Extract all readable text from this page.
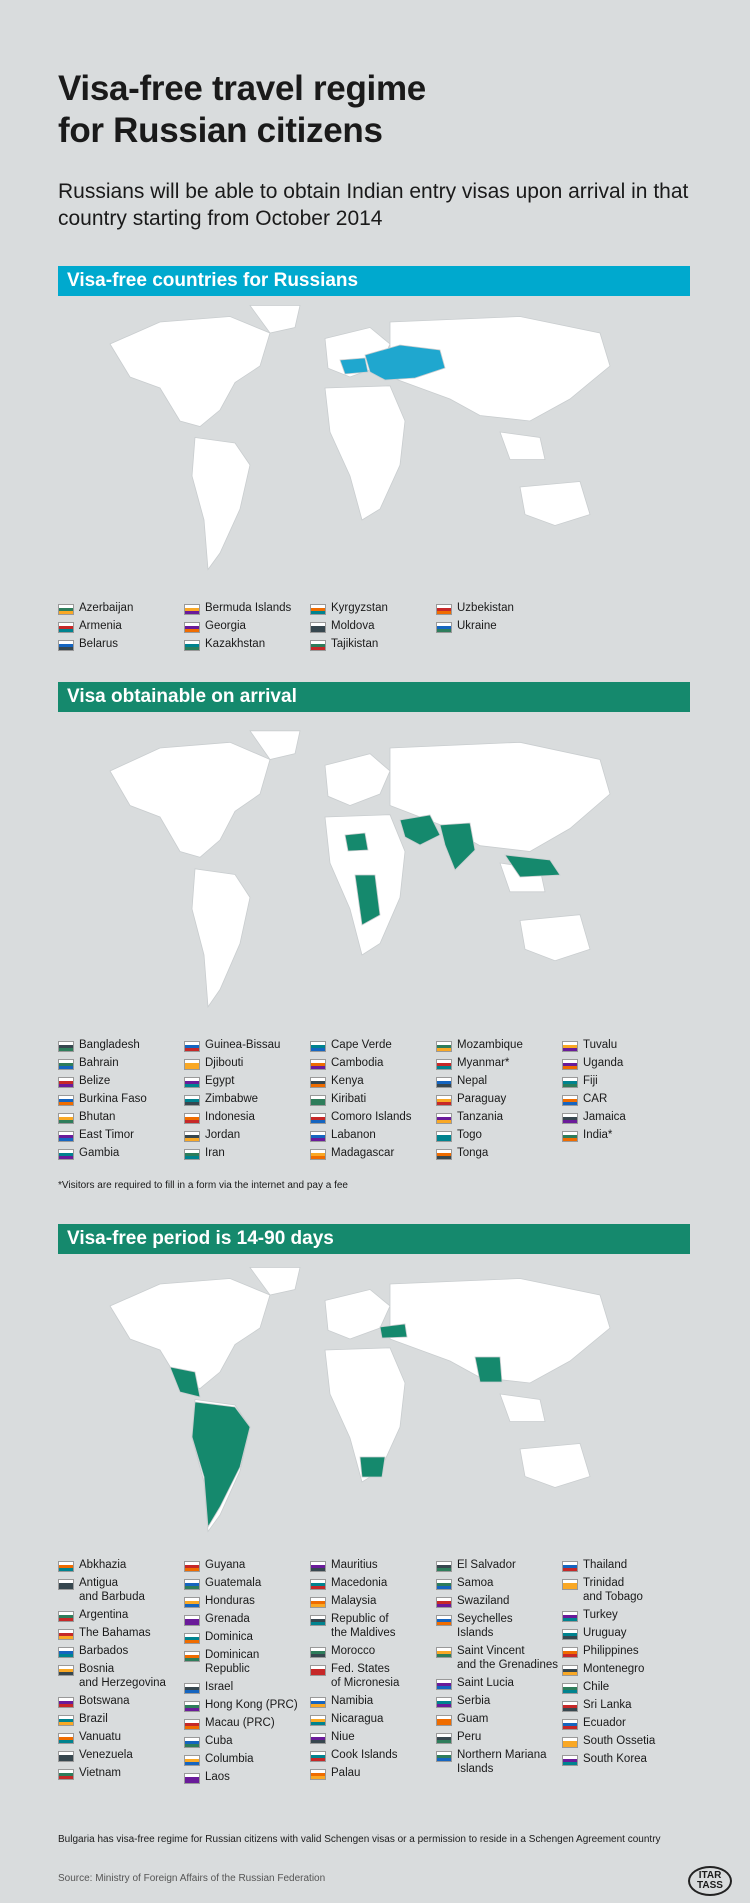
Visa-free travel regime
for Russian citizens
Russians will be able to obtain Indian entry visas upon arrival in that country starting from October 2014
Visa-free countries for Russians
Azerbaijan
Armenia
Belarus
Bermuda Islands
Georgia
Kazakhstan
Kyrgyzstan
Moldova
Tajikistan
Uzbekistan
Ukraine
Visa obtainable on arrival
Bangladesh
Bahrain
Belize
Burkina Faso
Bhutan
East Timor
Gambia
Guinea-Bissau
Djibouti
Egypt
Zimbabwe
Indonesia
Jordan
Iran
Cape Verde
Cambodia
Kenya
Kiribati
Comoro Islands
Labanon
Madagascar
Mozambique
Myanmar*
Nepal
Paraguay
Tanzania
Togo
Tonga
Tuvalu
Uganda
Fiji
CAR
Jamaica
India*
*Visitors are required to fill in a form via the internet and pay a fee
Visa-free period is 14-90 days
Abkhazia
Antigua
and Barbuda
Argentina
The Bahamas
Barbados
Bosnia
and Herzegovina
Botswana
Brazil
Vanuatu
Venezuela
Vietnam
Guyana
Guatemala
Honduras
Grenada
Dominica
Dominican
Republic
Israel
Hong Kong (PRC)
Macau (PRC)
Cuba
Columbia
Laos
Mauritius
Macedonia
Malaysia
Republic of
the Maldives
Morocco
Fed. States
of Micronesia
Namibia
Nicaragua
Niue
Cook Islands
Palau
El Salvador
Samoa
Swaziland
Seychelles
Islands
Saint Vincent
and the Grenadines
Saint Lucia
Serbia
Guam
Peru
Northern Mariana
Islands
Thailand
Trinidad
and Tobago
Turkey
Uruguay
Philippines
Montenegro
Chile
Sri Lanka
Ecuador
South Ossetia
South Korea
Bulgaria has visa-free regime for Russian citizens with valid Schengen visas or a permission to reside in a Schengen Agreement country
Source: Ministry of Foreign Affairs of the Russian Federation	ITAR
TASS
